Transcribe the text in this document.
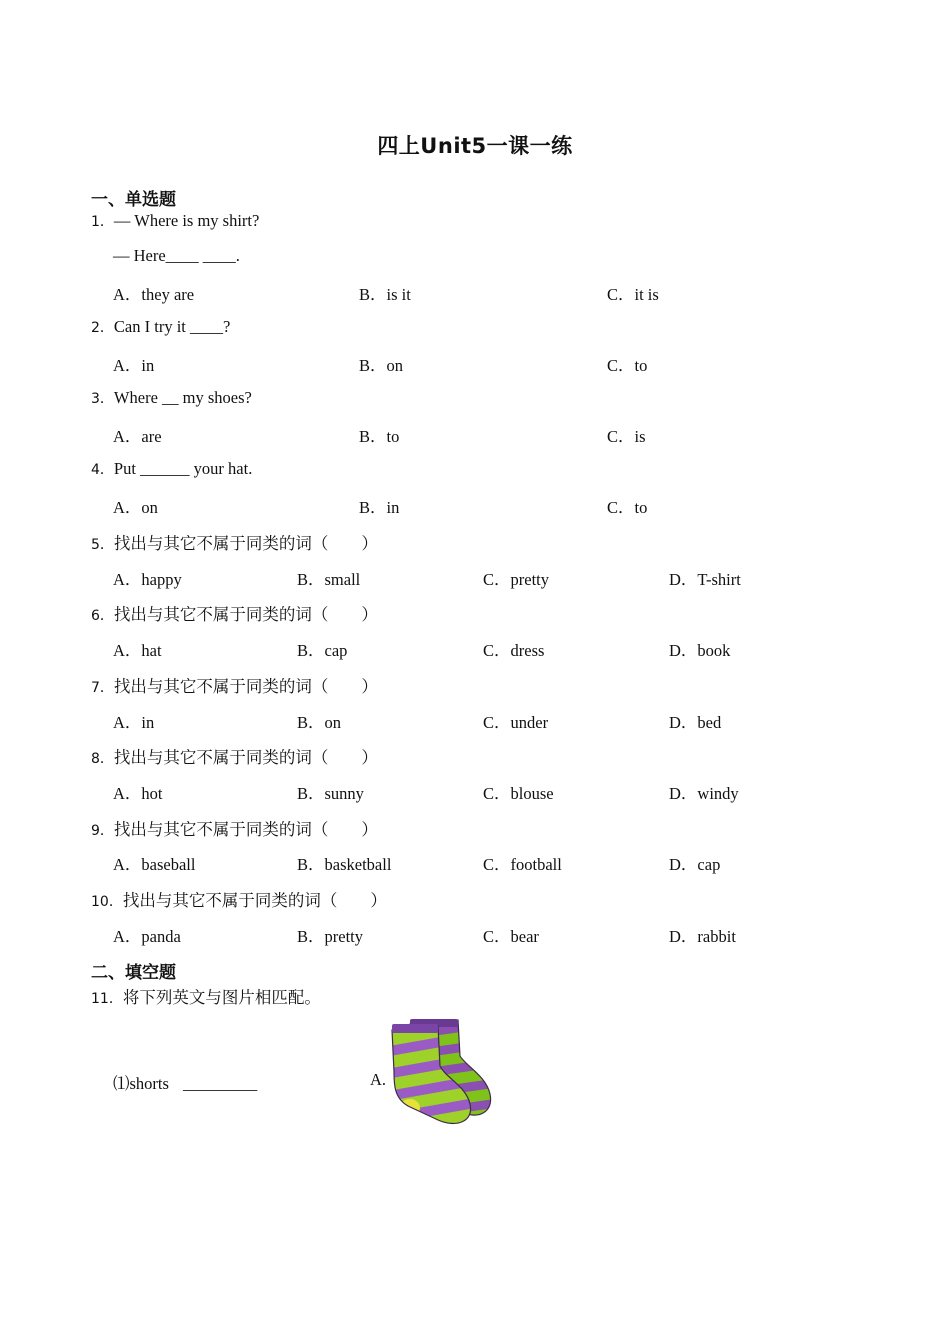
四上Unit5一课一练
一、单选题
1．— Where is my shirt?
— Here____ ____.
A．they are	B．is it	C．it is
2．Can I try it ____?
A．in	B．on	C．to
3．Where __ my shoes?
A．are	B．to	C．is
4．Put ______ your hat.
A．on	B．in	C．to
5．找出与其它不属于同类的词（　　）
A．happy	B．small	C．pretty	D．T-shirt
6．找出与其它不属于同类的词（　　）
A．hat	B．cap	C．dress	D．book
7．找出与其它不属于同类的词（　　）
A．in	B．on	C．under	D．bed
8．找出与其它不属于同类的词（　　）
A．hot	B．sunny	C．blouse	D．windy
9．找出与其它不属于同类的词（　　）
A．baseball	B．basketball	C．football	D．cap
10．找出与其它不属于同类的词（　　）
A．panda	B．pretty	C．bear	D．rabbit
二、填空题
11．将下列英文与图片相匹配。
⑴shorts _________	A.
